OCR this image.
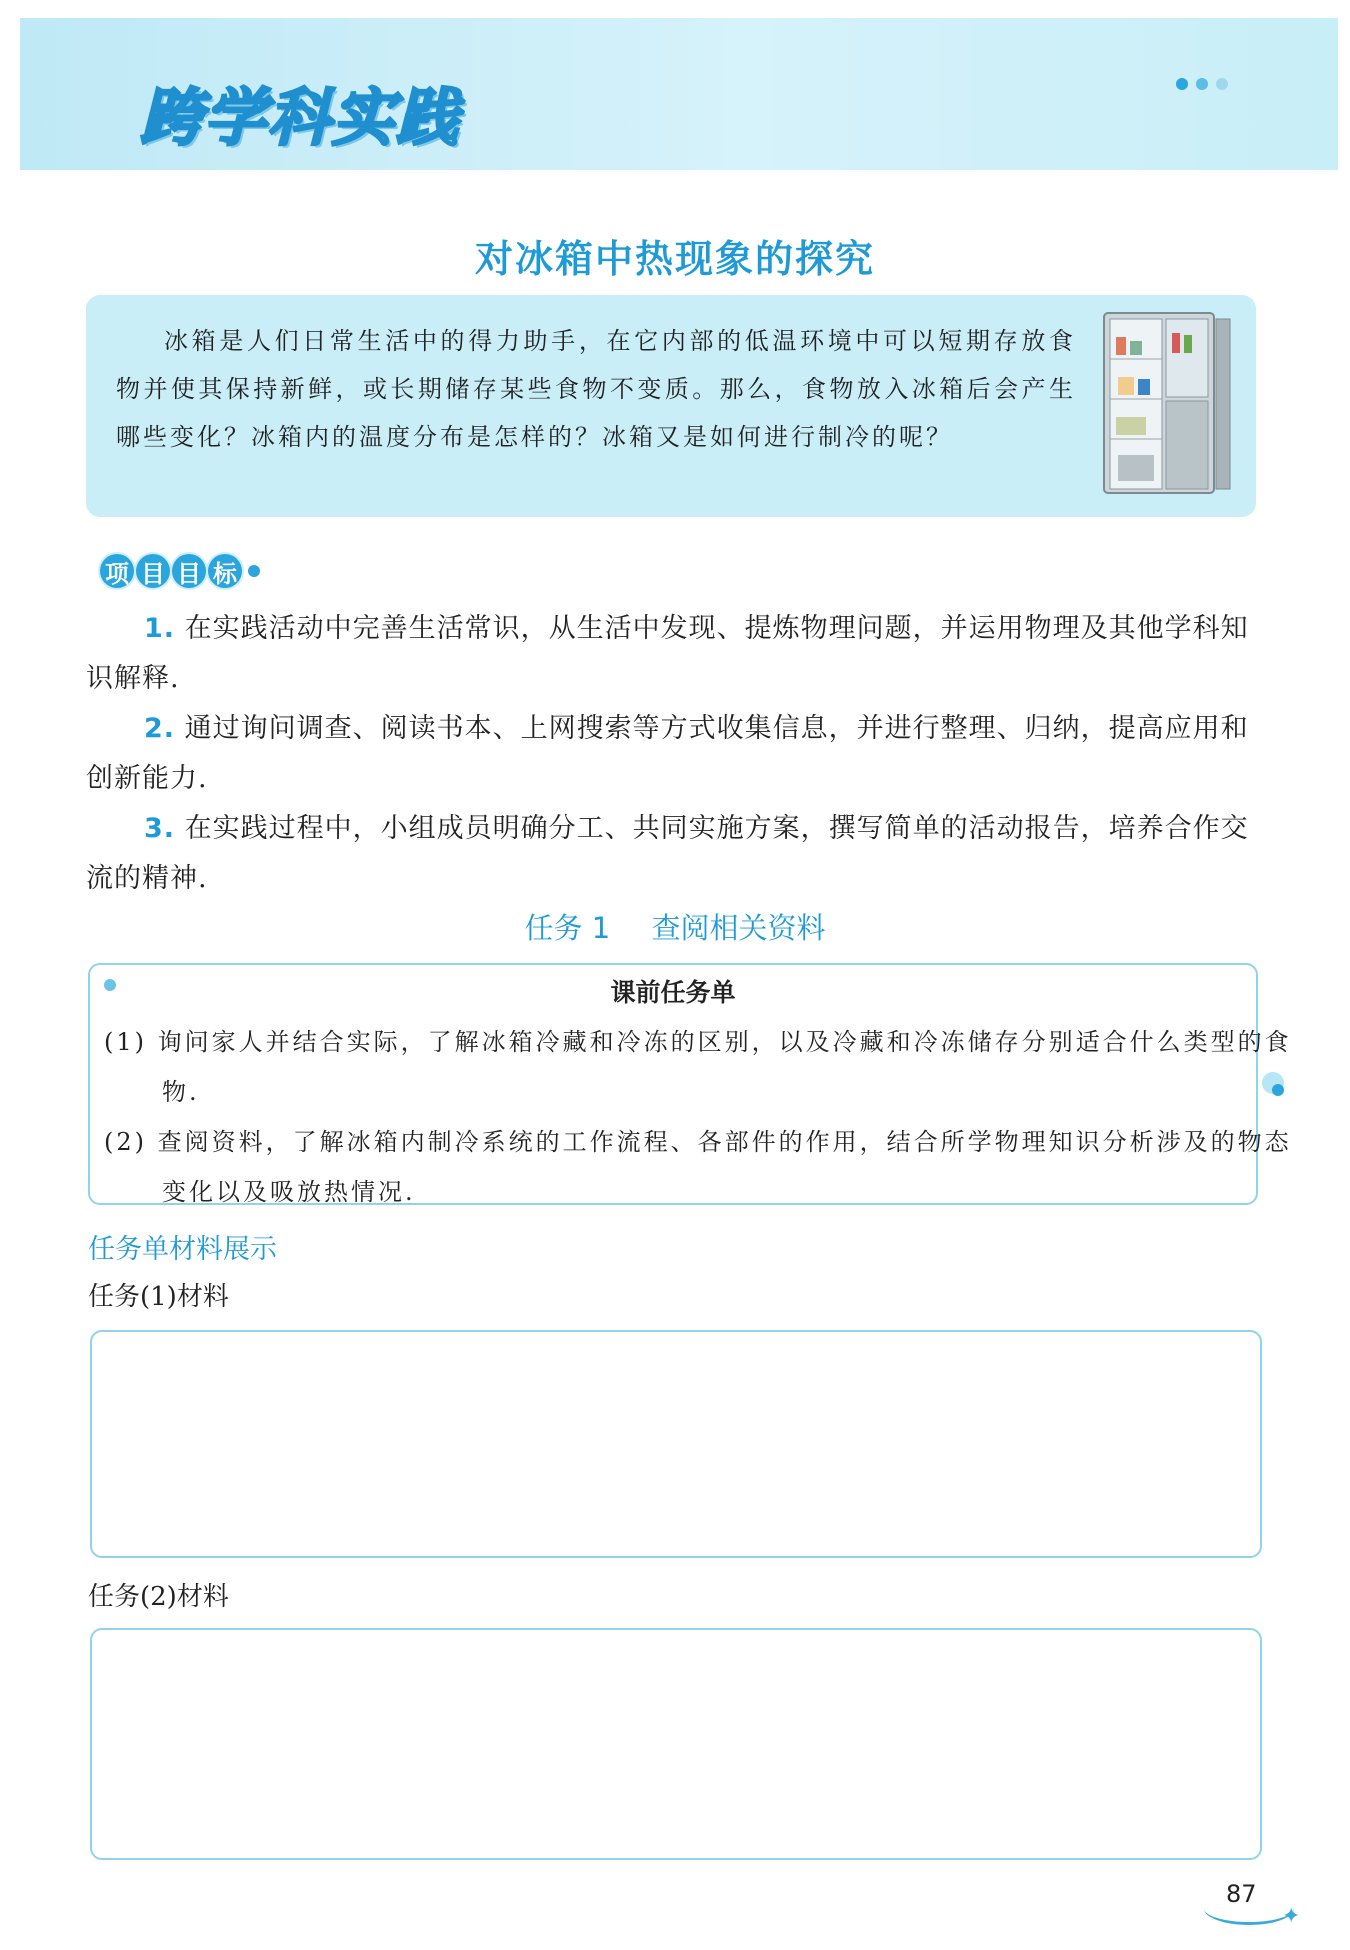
跨学科实践
对冰箱中热现象的探究
冰箱是人们日常生活中的得力助手，在它内部的低温环境中可以短期存放食物并使其保持新鲜，或长期储存某些食物不变质。那么，食物放入冰箱后会产生哪些变化？冰箱内的温度分布是怎样的？冰箱又是如何进行制冷的呢？
项 目 目 标
1. 在实践活动中完善生活常识，从生活中发现、提炼物理问题，并运用物理及其他学科知识解释.
2. 通过询问调查、阅读书本、上网搜索等方式收集信息，并进行整理、归纳，提高应用和创新能力.
3. 在实践过程中，小组成员明确分工、共同实施方案，撰写简单的活动报告，培养合作交流的精神.
任务 1 查阅相关资料
课前任务单
(1) 询问家人并结合实际，了解冰箱冷藏和冷冻的区别，以及冷藏和冷冻储存分别适合什么类型的食物.
(2) 查阅资料，了解冰箱内制冷系统的工作流程、各部件的作用，结合所学物理知识分析涉及的物态变化以及吸放热情况.
任务单材料展示
任务(1)材料
任务(2)材料
87
✦
